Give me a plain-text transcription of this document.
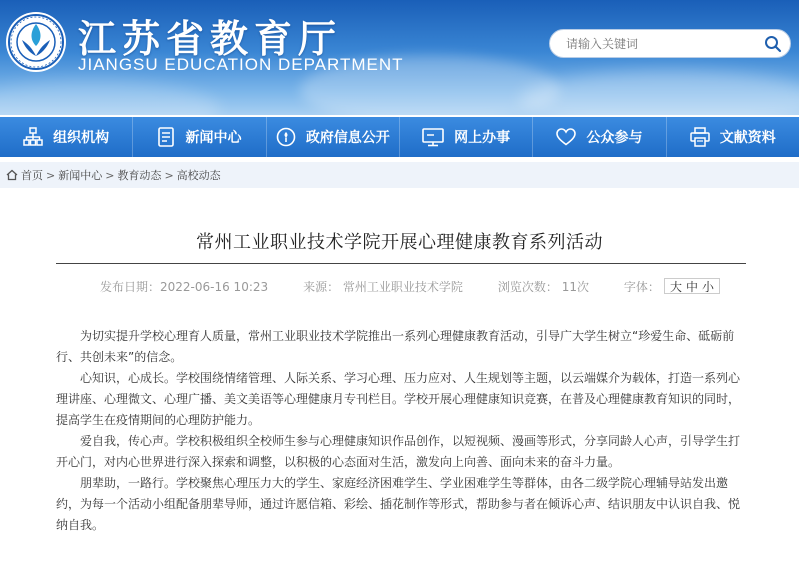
江苏省教育厅
JIANGSU EDUCATION DEPARTMENT
请输入关键词
组织机构	新闻中心	政府信息公开	网上办事	公众参与	文献资料
首页 > 新闻中心 > 教育动态 > 高校动态
常州工业职业技术学院开展心理健康教育系列活动
发布日期：2022-06-16 10:23	来源： 常州工业职业技术学院	浏览次数： 11次	字体： 大 中 小

为切实提升学校心理育人质量，常州工业职业技术学院推出一系列心理健康教育活动，引导广大学生树立“珍爱生命、砥砺前行、共创未来”的信念。

心知识，心成长。学校围绕情绪管理、人际关系、学习心理、压力应对、人生规划等主题，以云端媒介为载体，打造一系列心理讲座、心理微文、心理广播、美文美语等心理健康月专刊栏目。学校开展心理健康知识竞赛，在普及心理健康教育知识的同时，提高学生在疫情期间的心理防护能力。

爱自我，传心声。学校积极组织全校师生参与心理健康知识作品创作，以短视频、漫画等形式，分享同龄人心声，引导学生打开心门，对内心世界进行深入探索和调整，以积极的心态面对生活，激发向上向善、面向未来的奋斗力量。

朋辈助，一路行。学校聚焦心理压力大的学生、家庭经济困难学生、学业困难学生等群体，由各二级学院心理辅导站发出邀约，为每一个活动小组配备朋辈导师，通过许愿信箱、彩绘、插花制作等形式，帮助参与者在倾诉心声、结识朋友中认识自我、悦纳自我。
